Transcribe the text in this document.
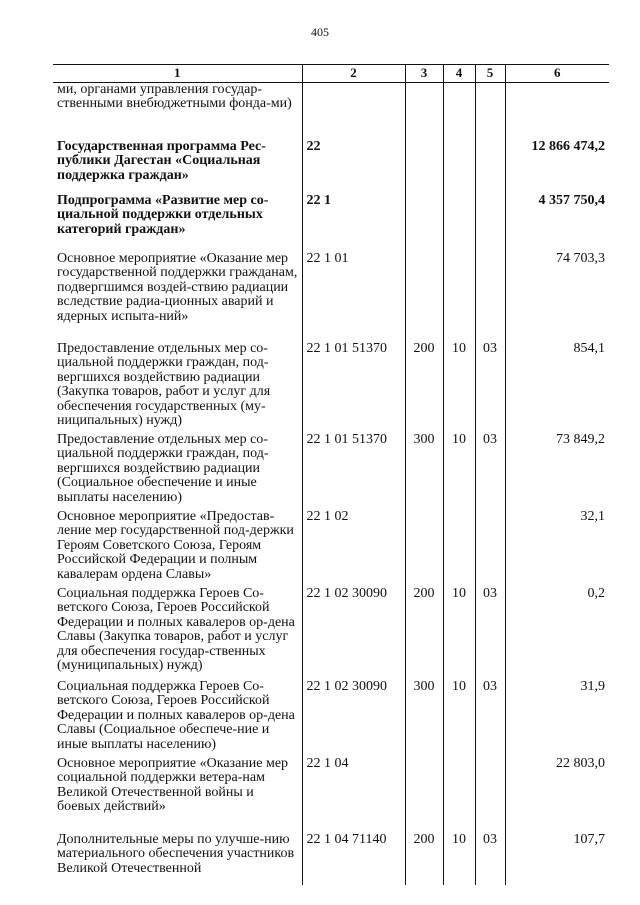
405
1	2	3	4	5	6
ми, органами управления государ-ственными внебюджетными фонда-ми)					
Государственная программа Рес-публики Дагестан «Социальная поддержка граждан»	22				12 866 474,2
Подпрограмма «Развитие мер со-циальной поддержки отдельных категорий граждан»	22 1				4 357 750,4
Основное мероприятие «Оказание мер государственной поддержки гражданам, подвергшимся воздей-ствию радиации вследствие радиа-ционных аварий и ядерных испыта-ний»	22 1 01				74 703,3
Предоставление отдельных мер со-циальной поддержки граждан, под-вергшихся воздействию радиации (Закупка товаров, работ и услуг для обеспечения государственных (му-ниципальных) нужд)	22 1 01 51370	200	10	03	854,1
Предоставление отдельных мер со-циальной поддержки граждан, под-вергшихся воздействию радиации (Социальное обеспечение и иные выплаты населению)	22 1 01 51370	300	10	03	73 849,2
Основное мероприятие «Предостав-ление мер государственной под-держки Героям Советского Союза, Героям Российской Федерации и полным кавалерам ордена Славы»	22 1 02				32,1
Социальная поддержка Героев Со-ветского Союза, Героев Российской Федерации и полных кавалеров ор-дена Славы (Закупка товаров, работ и услуг для обеспечения государ-ственных (муниципальных) нужд)	22 1 02 30090	200	10	03	0,2
Социальная поддержка Героев Со-ветского Союза, Героев Российской Федерации и полных кавалеров ор-дена Славы (Социальное обеспече-ние и иные выплаты населению)	22 1 02 30090	300	10	03	31,9
Основное мероприятие «Оказание мер социальной поддержки ветера-нам Великой Отечественной войны и боевых действий»	22 1 04				22 803,0
Дополнительные меры по улучше-нию материального обеспечения участников Великой Отечественной	22 1 04 71140	200	10	03	107,7
